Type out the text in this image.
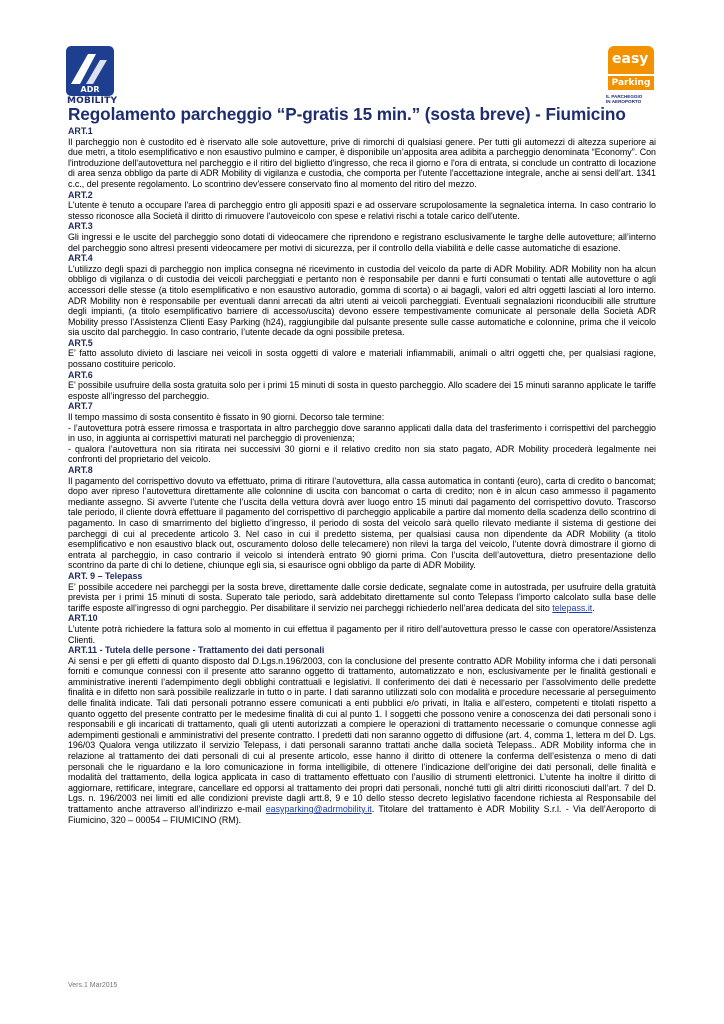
ADR
MOBILITY
easy
Parking
IL PARCHEGGIO
IN AEROPORTO
Regolamento parcheggio “P-gratis 15 min.” (sosta breve) - Fiumicino
ART.1
Il parcheggio non è custodito ed è riservato alle sole autovetture, prive di rimorchi di qualsiasi genere. Per tutti gli automezzi di altezza superiore ai due metri, a titolo esemplificativo e non esaustivo pulmino e camper, è disponibile un’apposita area adibita a parcheggio denominata “Economy”. Con l'introduzione dell'autovettura nel parcheggio e il ritiro del biglietto d'ingresso, che reca il giorno e l'ora di entrata, si conclude un contratto di locazione di area senza obbligo da parte di ADR Mobility di vigilanza e custodia, che comporta per l'utente l'accettazione integrale, anche ai sensi dell’art. 1341 c.c., del presente regolamento. Lo scontrino dev'essere conservato fino al momento del ritiro del mezzo.
ART.2
L'utente è tenuto a occupare l'area di parcheggio entro gli appositi spazi e ad osservare scrupolosamente la segnaletica interna. In caso contrario lo stesso riconosce alla Società il diritto di rimuovere l'autoveicolo con spese e relativi rischi a totale carico dell'utente.
ART.3
Gli ingressi e le uscite del parcheggio sono dotati di videocamere che riprendono e registrano esclusivamente le targhe delle autovetture; all’interno del parcheggio sono altresì presenti videocamere per motivi di sicurezza, per il controllo della viabilità e delle casse automatiche di esazione.
ART.4
L'utilizzo degli spazi di parcheggio non implica consegna né ricevimento in custodia del veicolo da parte di ADR Mobility. ADR Mobility non ha alcun obbligo di vigilanza o di custodia dei veicoli parcheggiati e pertanto non è responsabile per danni e furti consumati o tentati alle autovetture o agli accessori delle stesse (a titolo esemplificativo e non esaustivo autoradio, gomma di scorta) o ai bagagli, valori ed altri oggetti lasciati al loro interno. ADR Mobility non è responsabile per eventuali danni arrecati da altri utenti ai veicoli parcheggiati. Eventuali segnalazioni riconducibili alle strutture degli impianti, (a titolo esemplificativo barriere di accesso/uscita) devono essere tempestivamente comunicate al personale della Società ADR Mobility presso l’Assistenza Clienti Easy Parking (h24), raggiungibile dal pulsante presente sulle casse automatiche e colonnine, prima che il veicolo sia uscito dal parcheggio. In caso contrario, l’utente decade da ogni possibile pretesa.
ART.5
E’ fatto assoluto divieto di lasciare nei veicoli in sosta oggetti di valore e materiali infiammabili, animali o altri oggetti che, per qualsiasi ragione, possano costituire pericolo.
ART.6
E’ possibile usufruire della sosta gratuita solo per i primi 15 minuti di sosta in questo parcheggio. Allo scadere dei 15 minuti saranno applicate le tariffe esposte all’ingresso del parcheggio.
ART.7
Il tempo massimo di sosta consentito è fissato in 90 giorni. Decorso tale termine:
- l’autovettura potrà essere rimossa e trasportata in altro parcheggio dove saranno applicati dalla data del trasferimento i corrispettivi del parcheggio in uso, in aggiunta ai corrispettivi maturati nel parcheggio di provenienza;
- qualora l’autovettura non sia ritirata nei successivi 30 giorni e il relativo credito non sia stato pagato, ADR Mobility procederà legalmente nei confronti del proprietario del veicolo.
ART.8
Il pagamento del corrispettivo dovuto va effettuato, prima di ritirare l’autovettura, alla cassa automatica in contanti (euro), carta di credito o bancomat; dopo aver ripreso l’autovettura direttamente alle colonnine di uscita con bancomat o carta di credito; non è in alcun caso ammesso il pagamento mediante assegno. Si avverte l’utente che l’uscita della vettura dovrà aver luogo entro 15 minuti dal pagamento del corrispettivo dovuto. Trascorso tale periodo, il cliente dovrà effettuare il pagamento del corrispettivo di parcheggio applicabile a partire dal momento della scadenza dello scontrino di pagamento. In caso di smarrimento del biglietto d’ingresso, il periodo di sosta del veicolo sarà quello rilevato mediante il sistema di gestione dei parcheggi di cui al precedente articolo 3. Nel caso in cui il predetto sistema, per qualsiasi causa non dipendente da ADR Mobility (a titolo esemplificativo e non esaustivo black out, oscuramento doloso delle telecamere) non rilevi la targa del veicolo, l’utente dovrà dimostrare il giorno di entrata al parcheggio, in caso contrario il veicolo si intenderà entrato 90 giorni prima. Con l’uscita dell’autovettura, dietro presentazione dello scontrino da parte di chi lo detiene, chiunque egli sia, si esaurisce ogni obbligo da parte di ADR Mobility.
ART. 9 – Telepass
E’ possibile accedere nei parcheggi per la sosta breve, direttamente dalle corsie dedicate, segnalate come in autostrada, per usufruire della gratuità prevista per i primi 15 minuti di sosta. Superato tale periodo, sarà addebitato direttamente sul conto Telepass l’importo calcolato sulla base delle tariffe esposte all’ingresso di ogni parcheggio. Per disabilitare il servizio nei parcheggi richiederlo nell’area dedicata del sito telepass.it.
ART.10
L’utente potrà richiedere la fattura solo al momento in cui effettua il pagamento per il ritiro dell’autovettura presso le casse con operatore/Assistenza Clienti.
ART.11 - Tutela delle persone - Trattamento dei dati personali
Ai sensi e per gli effetti di quanto disposto dal D.Lgs.n.196/2003, con la conclusione del presente contratto ADR Mobility informa che i dati personali forniti e comunque connessi con il presente atto saranno oggetto di trattamento, automatizzato e non, esclusivamente per le finalità gestionali e amministrative inerenti l’adempimento degli obblighi contrattuali e legislativi. Il conferimento dei dati è necessario per l’assolvimento delle predette finalità e in difetto non sarà possibile realizzarle in tutto o in parte. I dati saranno utilizzati solo con modalità e procedure necessarie al perseguimento delle finalità indicate. Tali dati personali potranno essere comunicati a enti pubblici e/o privati, in Italia e all’estero, competenti e titolati rispetto a quanto oggetto del presente contratto per le medesime finalità di cui al punto 1. I soggetti che possono venire a conoscenza dei dati personali sono i responsabili e gli incaricati di trattamento, quali gli utenti autorizzati a compiere le operazioni di trattamento necessarie o comunque connesse agli adempimenti gestionali e amministrativi del presente contratto. I predetti dati non saranno oggetto di diffusione (art. 4, comma 1, lettera m del D. Lgs. 196/03 Qualora venga utilizzato il servizio Telepass, i dati personali saranno trattati anche dalla società Telepass.. ADR Mobility informa che in relazione al trattamento dei dati personali di cui al presente articolo, esse hanno il diritto di ottenere la conferma dell’esistenza o meno di dati personali che le riguardano e la loro comunicazione in forma intelligibile, di ottenere l’indicazione dell’origine dei dati personali, delle finalità e modalità del trattamento, della logica applicata in caso di trattamento effettuato con l’ausilio di strumenti elettronici. L’utente ha inoltre il diritto di aggiornare, rettificare, integrare, cancellare ed opporsi al trattamento dei propri dati personali, nonché tutti gli altri diritti riconosciuti dall’art. 7 del D. Lgs. n. 196/2003 nei limiti ed alle condizioni previste dagli artt.8, 9 e 10 dello stesso decreto legislativo facendone richiesta al Responsabile del trattamento anche attraverso all’indirizzo e-mail easyparking@adrmobility.it. Titolare del trattamento è ADR Mobility S.r.l. - Via dell’Aeroporto di Fiumicino, 320 – 00054 – FIUMICINO (RM).
Vers.1 Mar2015
